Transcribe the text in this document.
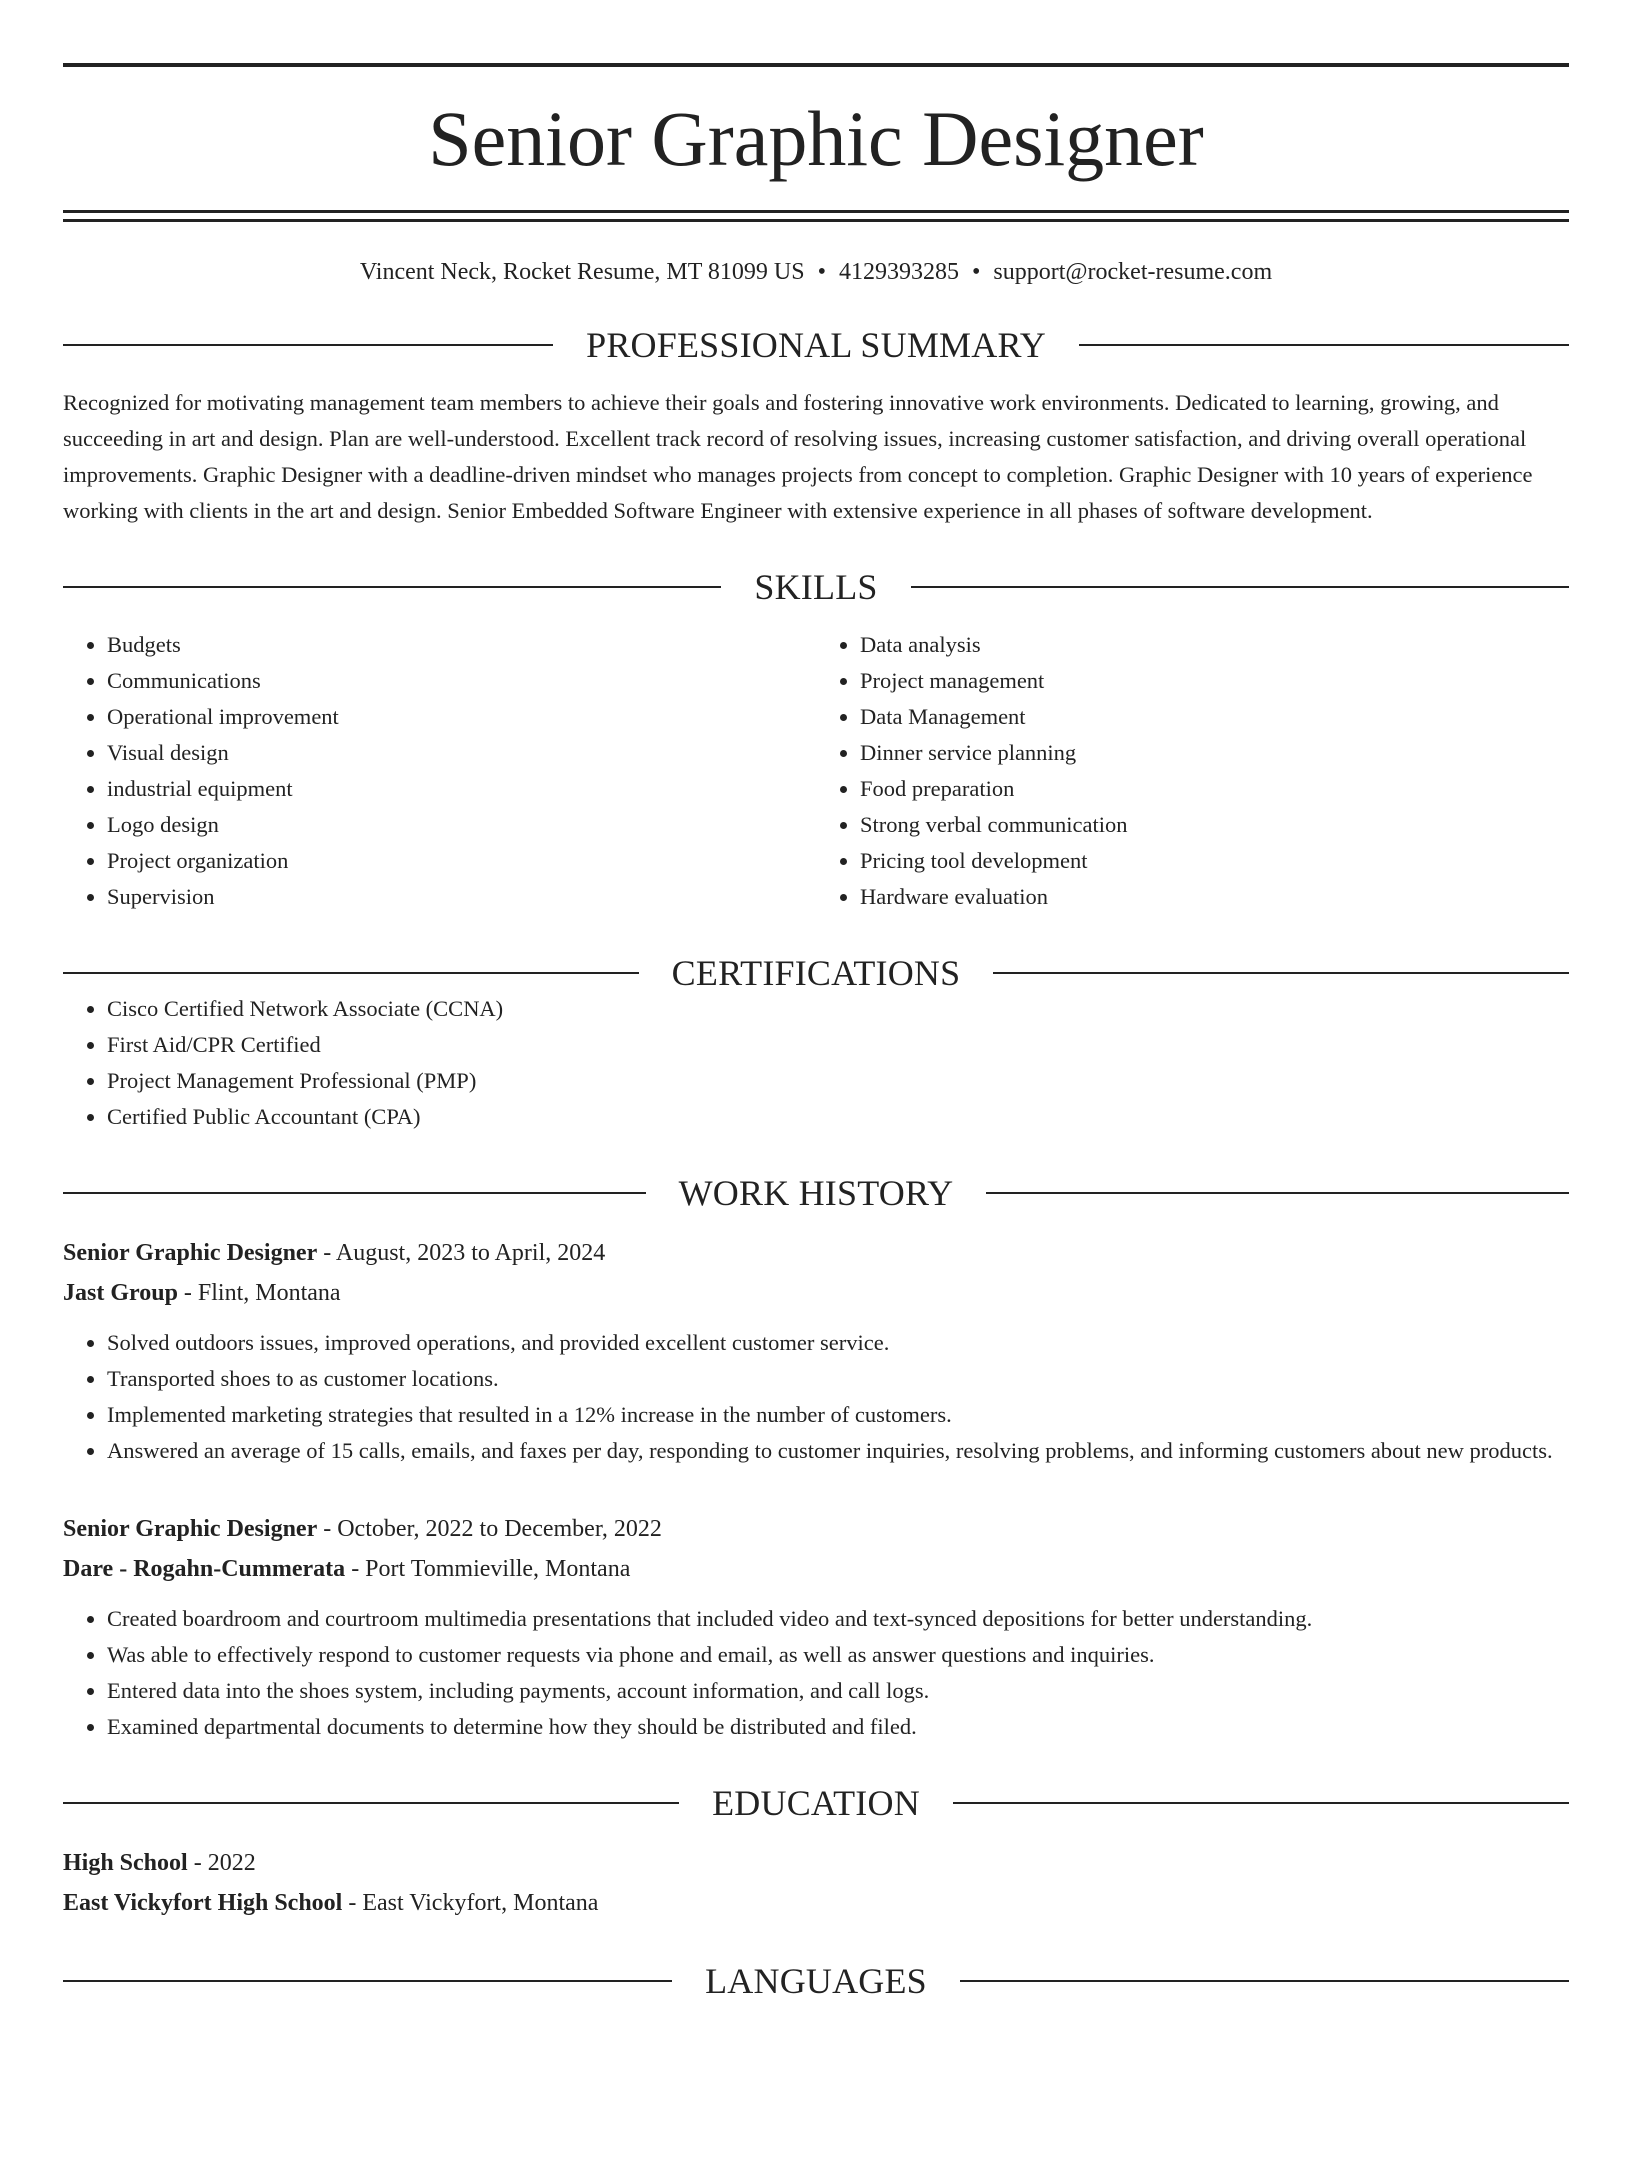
Senior Graphic Designer
Vincent Neck, Rocket Resume, MT 81099 US • 4129393285 • support@rocket-resume.com
PROFESSIONAL SUMMARY
Recognized for motivating management team members to achieve their goals and fostering innovative work environments. Dedicated to learning, growing, and succeeding in art and design. Plan are well-understood. Excellent track record of resolving issues, increasing customer satisfaction, and driving overall operational improvements. Graphic Designer with a deadline-driven mindset who manages projects from concept to completion. Graphic Designer with 10 years of experience working with clients in the art and design. Senior Embedded Software Engineer with extensive experience in all phases of software development.
SKILLS
• Budgets
• Communications
• Operational improvement
• Visual design
• industrial equipment
• Logo design
• Project organization
• Supervision
• Data analysis
• Project management
• Data Management
• Dinner service planning
• Food preparation
• Strong verbal communication
• Pricing tool development
• Hardware evaluation
CERTIFICATIONS
• Cisco Certified Network Associate (CCNA)
• First Aid/CPR Certified
• Project Management Professional (PMP)
• Certified Public Accountant (CPA)
WORK HISTORY
Senior Graphic Designer - August, 2023 to April, 2024
Jast Group - Flint, Montana
• Solved outdoors issues, improved operations, and provided excellent customer service.
• Transported shoes to as customer locations.
• Implemented marketing strategies that resulted in a 12% increase in the number of customers.
• Answered an average of 15 calls, emails, and faxes per day, responding to customer inquiries, resolving problems, and informing customers about new products.
Senior Graphic Designer - October, 2022 to December, 2022
Dare - Rogahn-Cummerata - Port Tommieville, Montana
• Created boardroom and courtroom multimedia presentations that included video and text-synced depositions for better understanding.
• Was able to effectively respond to customer requests via phone and email, as well as answer questions and inquiries.
• Entered data into the shoes system, including payments, account information, and call logs.
• Examined departmental documents to determine how they should be distributed and filed.
EDUCATION
High School - 2022
East Vickyfort High School - East Vickyfort, Montana
LANGUAGES
